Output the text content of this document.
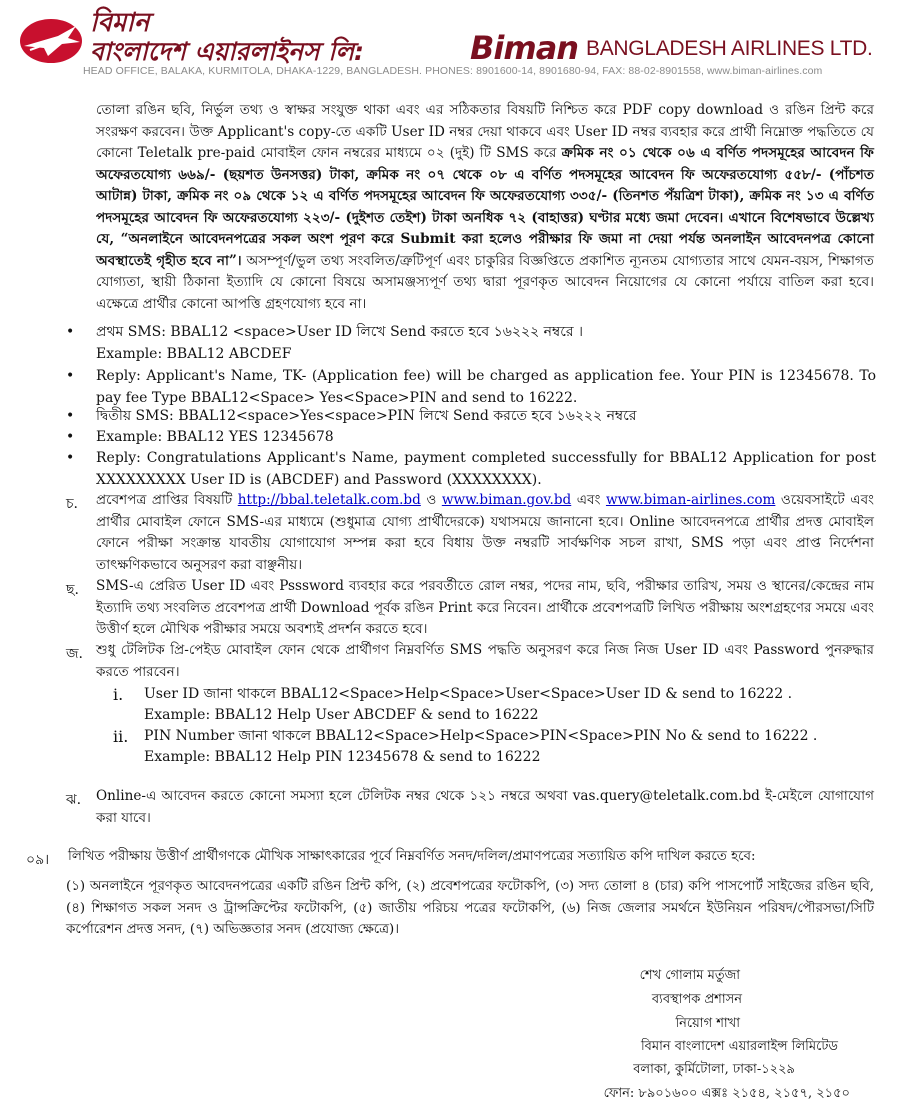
বিমান
বাংলাদেশ এয়ারলাইনস লি:	Biman BANGLADESH AIRLINES LTD.
HEAD OFFICE, BALAKA, KURMITOLA, DHAKA-1229, BANGLADESH. PHONES: 8901600-14, 8901680-94, FAX: 88-02-8901558, www.biman-airlines.com
তোলা রঙিন ছবি, নির্ভুল তথ্য ও স্বাক্ষর সংযুক্ত থাকা এবং এর সঠিকতার বিষয়টি নিশ্চিত করে PDF copy download ও রঙিন প্রিন্ট করে সংরক্ষণ করবেন। উক্ত Applicant's copy-তে একটি User ID নম্বর দেয়া থাকবে এবং User ID নম্বর ব্যবহার করে প্রার্থী নিম্নোক্ত পদ্ধতিতে যে কোনো Teletalk pre-paid মোবাইল ফোন নম্বরের মাধ্যমে ০২ (দুই) টি SMS করে ক্রমিক নং ০১ থেকে ০৬ এ বর্ণিত পদসমূহের আবেদন ফি অফেরতযোগ্য ৬৬৯/- (ছয়শত উনসত্তর) টাকা, ক্রমিক নং ০৭ থেকে ০৮ এ বর্ণিত পদসমূহের আবেদন ফি অফেরতযোগ্য ৫৫৮/- (পাঁচশত আটান্ন) টাকা, ক্রমিক নং ০৯ থেকে ১২ এ বর্ণিত পদসমূহের আবেদন ফি অফেরতযোগ্য ৩৩৫/- (তিনশত পঁয়ত্রিশ টাকা), ক্রমিক নং ১৩ এ বর্ণিত পদসমূহের আবেদন ফি অফেরতযোগ্য ২২৩/- (দুইশত তেইশ) টাকা অনধিক ৭২ (বাহাত্তর) ঘণ্টার মধ্যে জমা দেবেন। এখানে বিশেষভাবে উল্লেখ্য যে, “অনলাইনে আবেদনপত্রের সকল অংশ পূরণ করে Submit করা হলেও পরীক্ষার ফি জমা না দেয়া পর্যন্ত অনলাইন আবেদনপত্র কোনো অবস্থাতেই গৃহীত হবে না”। অসম্পূর্ণ/ভুল তথ্য সংবলিত/ত্রুটিপূর্ণ এবং চাকুরির বিজ্ঞপ্তিতে প্রকাশিত ন্যূনতম যোগ্যতার সাথে যেমন-বয়স, শিক্ষাগত যোগ্যতা, স্থায়ী ঠিকানা ইত্যাদি যে কোনো বিষয়ে অসামঞ্জস্যপূর্ণ তথ্য দ্বারা পূরণকৃত আবেদন নিয়োগের যে কোনো পর্যায়ে বাতিল করা হবে। এক্ষেত্রে প্রার্থীর কোনো আপত্তি গ্রহণযোগ্য হবে না।
• প্রথম SMS: BBAL12 <space>User ID লিখে Send করতে হবে ১৬২২২ নম্বরে ।
Example: BBAL12 ABCDEF
• Reply: Applicant's Name, TK- (Application fee) will be charged as application fee. Your PIN is 12345678. To pay fee Type BBAL12<Space> Yes<Space>PIN and send to 16222.
• দ্বিতীয় SMS: BBAL12<space>Yes<space>PIN লিখে Send করতে হবে ১৬২২২ নম্বরে
• Example: BBAL12 YES 12345678
• Reply: Congratulations Applicant's Name, payment completed successfully for BBAL12 Application for post XXXXXXXXX User ID is (ABCDEF) and Password (XXXXXXXX).
চ. প্রবেশপত্র প্রাপ্তির বিষয়টি http://bbal.teletalk.com.bd ও www.biman.gov.bd এবং www.biman-airlines.com ওয়েবসাইটে এবং প্রার্থীর মোবাইল ফোনে SMS-এর মাধ্যমে (শুধুমাত্র যোগ্য প্রার্থীদেরকে) যথাসময়ে জানানো হবে। Online আবেদনপত্রে প্রার্থীর প্রদত্ত মোবাইল ফোনে পরীক্ষা সংক্রান্ত যাবতীয় যোগাযোগ সম্পন্ন করা হবে বিধায় উক্ত নম্বরটি সার্বক্ষণিক সচল রাখা, SMS পড়া এবং প্রাপ্ত নির্দেশনা তাৎক্ষণিকভাবে অনুসরণ করা বাঞ্ছনীয়।
ছ. SMS-এ প্রেরিত User ID এবং Psssword ব্যবহার করে পরবর্তীতে রোল নম্বর, পদের নাম, ছবি, পরীক্ষার তারিখ, সময় ও স্থানের/কেন্দ্রের নাম ইত্যাদি তথ্য সংবলিত প্রবেশপত্র প্রার্থী Download পূর্বক রঙিন Print করে নিবেন। প্রার্থীকে প্রবেশপত্রটি লিখিত পরীক্ষায় অংশগ্রহণের সময়ে এবং উত্তীর্ণ হলে মৌখিক পরীক্ষার সময়ে অবশ্যই প্রদর্শন করতে হবে।
জ. শুধু টেলিটক প্রি-পেইড মোবাইল ফোন থেকে প্রার্থীগণ নিম্নবর্ণিত SMS পদ্ধতি অনুসরণ করে নিজ নিজ User ID এবং Password পুনরুদ্ধার করতে পারবেন।
i. User ID জানা থাকলে BBAL12<Space>Help<Space>User<Space>User ID & send to 16222 .
Example: BBAL12 Help User ABCDEF & send to 16222
ii. PIN Number জানা থাকলে BBAL12<Space>Help<Space>PIN<Space>PIN No & send to 16222 .
Example: BBAL12 Help PIN 12345678 & send to 16222
ঝ. Online-এ আবেদন করতে কোনো সমস্যা হলে টেলিটক নম্বর থেকে ১২১ নম্বরে অথবা vas.query@teletalk.com.bd ই-মেইলে যোগাযোগ করা যাবে।
০৯। লিখিত পরীক্ষায় উত্তীর্ণ প্রার্থীগণকে মৌখিক সাক্ষাৎকারের পূর্বে নিম্নবর্ণিত সনদ/দলিল/প্রমাণপত্রের সত্যায়িত কপি দাখিল করতে হবে:
(১) অনলাইনে পূরণকৃত আবেদনপত্রের একটি রঙিন প্রিন্ট কপি, (২) প্রবেশপত্রের ফটোকপি, (৩) সদ্য তোলা ৪ (চার) কপি পাসপোর্ট সাইজের রঙিন ছবি, (৪) শিক্ষাগত সকল সনদ ও ট্রান্সক্রিপ্টের ফটোকপি, (৫) জাতীয় পরিচয় পত্রের ফটোকপি, (৬) নিজ জেলার সমর্থনে ইউনিয়ন পরিষদ/পৌরসভা/সিটি কর্পোরেশন প্রদত্ত সনদ, (৭) অভিজ্ঞতার সনদ (প্রযোজ্য ক্ষেত্রে)।
শেখ গোলাম মর্তুজা
ব্যবস্থাপক প্রশাসন
নিয়োগ শাখা
বিমান বাংলাদেশ এয়ারলাইন্স লিমিটেড
বলাকা, কুর্মিটোলা, ঢাকা-১২২৯
ফোন: ৮৯০১৬০০ এক্সঃ ২১৫৪, ২১৫৭, ২১৫০
